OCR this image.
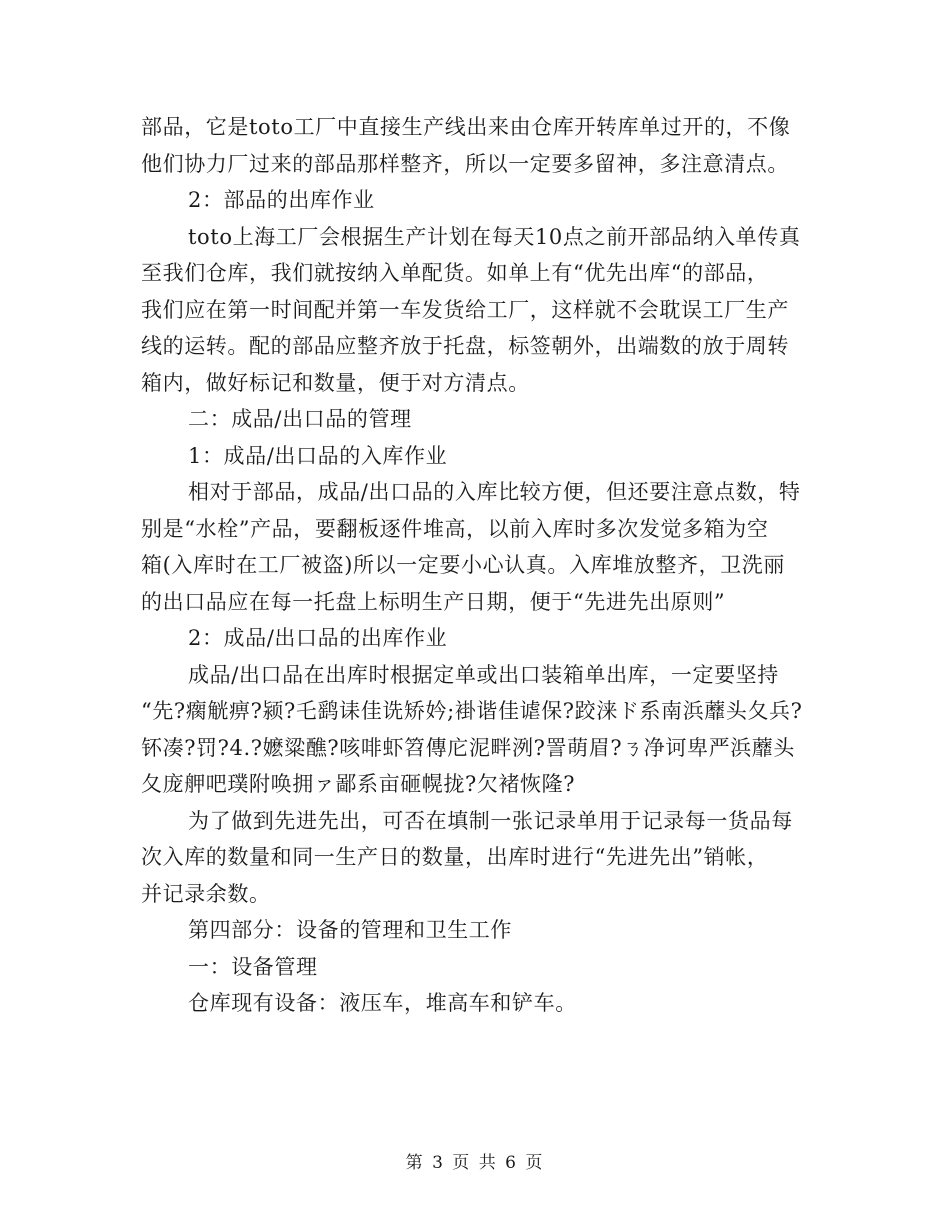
部品，它是toto工厂中直接生产线出来由仓库开转库单过开的，不像
他们协力厂过来的部品那样整齐，所以一定要多留神，多注意清点。
2：部品的出库作业
toto上海工厂会根据生产计划在每天10点之前开部品纳入单传真
至我们仓库，我们就按纳入单配货。如单上有“优先出库“的部品，
我们应在第一时间配并第一车发货给工厂，这样就不会耽误工厂生产
线的运转。配的部品应整齐放于托盘，标签朝外，出端数的放于周转
箱内，做好标记和数量，便于对方清点。
二：成品/出口品的管理
1：成品/出口品的入库作业
相对于部品，成品/出口品的入库比较方便，但还要注意点数，特
别是“水栓”产品，要翻板逐件堆高，以前入库时多次发觉多箱为空
箱(入库时在工厂被盗)所以一定要小心认真。入库堆放整齐，卫洗丽
的出口品应在每一托盘上标明生产日期，便于“先进先出原则”
2：成品/出口品的出库作业
成品/出口品在出库时根据定单或出口装箱单出库，一定要坚持
“先?瘸觥痹?颍?乇鹞诔佳诜矫妗;褂谐佳谑保?跤涞ド系南浜蘼头夂兵?
钚凑?罚?4.?嬷粱醮?咳啡虾笤傳庀泥畔洌?詈萌眉?ㄋ净诃卑严浜蘼头
夂庞舺吧璞附唤拥ァ鄙系亩砸幌拢?欠褚恢隆?
为了做到先进先出，可否在填制一张记录单用于记录每一货品每
次入库的数量和同一生产日的数量，出库时进行“先进先出”销帐，
并记录余数。
第四部分：设备的管理和卫生工作
一：设备管理
仓库现有设备：液压车，堆高车和铲车。
第 3 页 共 6 页
